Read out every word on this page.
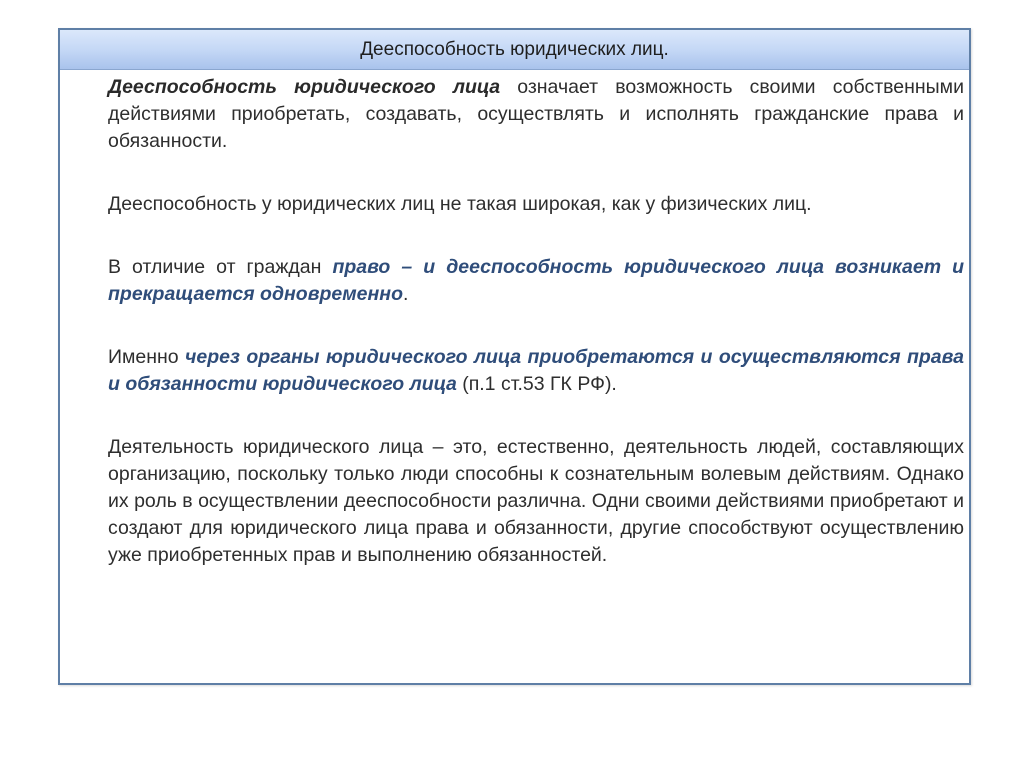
Дееспособность юридических лиц.

Дееспособность юридического лица означает возможность своими собственными действиями приобретать, создавать, осуществлять и исполнять гражданские права и обязанности.

Дееспособность у юридических лиц не такая широкая, как у физических лиц.

В отличие от граждан право – и дееспособность юридического лица возникает и прекращается одновременно.

Именно через органы юридического лица приобретаются и осуществляются права и обязанности юридического лица (п.1 ст.53 ГК РФ).

Деятельность юридического лица – это, естественно, деятельность людей, составляющих организацию, поскольку только люди способны к сознательным волевым действиям. Однако их роль в осуществлении дееспособности различна. Одни своими действиями приобретают и создают для юридического лица права и обязанности, другие способствуют осуществлению уже приобретенных прав и выполнению обязанностей.
